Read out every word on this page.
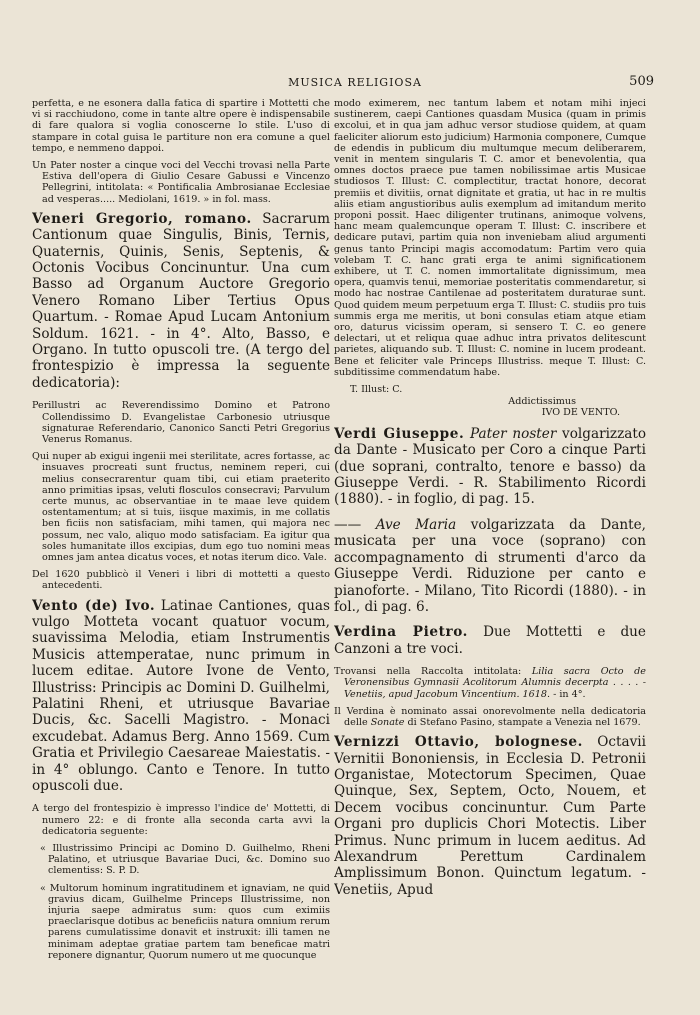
MUSICA RELIGIOSA	509

perfetta, e ne esonera dalla fatica di spartire i Mottetti che vi si racchiudono, come in tante altre opere è indispensabile di fare qualora si voglia conoscerne lo stile. L'uso di stampare in cotal guisa le partiture non era comune a quel tempo, e nemmeno dappoi.

Un Pater noster a cinque voci del Vecchi trovasi nella Parte Estiva dell'opera di Giulio Cesare Gabussi e Vincenzo Pellegrini, intitolata: « Pontificalia Ambrosianae Ecclesiae ad vesperas..... Mediolani, 1619. » in fol. mass.

Veneri Gregorio, romano. Sacrarum Cantionum quae Singulis, Binis, Ternis, Quaternis, Quinis, Senis, Septenis, & Octonis Vocibus Concinuntur. Una cum Basso ad Organum Auctore Gregorio Venero Romano Liber Tertius Opus Quartum. - Romae Apud Lucam Antonium Soldum. 1621. - in 4°. Alto, Basso, e Organo. In tutto opuscoli tre. (A tergo del frontespizio è impressa la seguente dedicatoria):

Perillustri ac Reverendissimo Domino et Patrono Collendissimo D. Evangelistae Carbonesio utriusque signaturae Referendario, Canonico Sancti Petri Gregorius Venerus Romanus.

Qui nuper ab exigui ingenii mei sterilitate, acres fortasse, ac insuaves procreati sunt fructus, neminem reperi, cui melius consecrarentur quam tibi, cui etiam praeterito anno primitias ipsas, veluti flosculos consecravi; Parvulum certe munus, ac observantiae in te maae leve quidem ostentamentum; at si tuis, iisque maximis, in me collatis ben ficiis non satisfaciam, mihi tamen, qui majora nec possum, nec valo, aliquo modo satisfaciam. Ea igitur qua soles humanitate illos excipias, dum ego tuo nomini meas omnes jam antea dicatus voces, et notas iterum dico. Vale.

Del 1620 pubblicò il Veneri i libri di mottetti a questo antecedenti.

Vento (de) Ivo. Latinae Cantiones, quas vulgo Motteta vocant quatuor vocum, suavissima Melodia, etiam Instrumentis Musicis attemperatae, nunc primum in lucem editae. Autore Ivone de Vento, Illustriss: Principis ac Domini D. Guilhelmi, Palatini Rheni, et utriusque Bavariae Ducis, &c. Sacelli Magistro. - Monaci excudebat. Adamus Berg. Anno 1569. Cum Gratia et Privilegio Caesareae Maiestatis. - in 4° oblungo. Canto e Tenore. In tutto opuscoli due.

A tergo del frontespizio è impresso l'indice de' Mottetti, di numero 22: e di fronte alla seconda carta avvi la dedicatoria seguente:

« Illustrissimo Principi ac Domino D. Guilhelmo, Rheni Palatino, et utriusque Bavariae Duci, &c. Domino suo clementiss: S. P. D.

« Multorum hominum ingratitudinem et ignaviam, ne quid gravius dicam, Guilhelme Princeps Illustrissime, non injuria saepe admiratus sum: quos cum eximiis praeclarisque dotibus ac beneficiis natura omnium rerum parens cumulatissime donavit et instruxit: illi tamen ne minimam adeptae gratiae partem tam beneficae matri reponere dignantur, Quorum numero ut me quocunque

modo eximerem, nec tantum labem et notam mihi injeci sustinerem, caepi Cantiones quasdam Musica (quam in primis excolui, et in qua jam adhuc versor studiose quidem, at quam faeliciter aliorum esto judicium) Harmonia componere, Cumque de edendis in publicum diu multumque mecum deliberarem, venit in mentem singularis T. C. amor et benevolentia, qua omnes doctos praece pue tamen nobilissimae artis Musicae studiosos T. Illust: C. complectitur, tractat honore, decorat premiis et divitiis, ornat dignitate et gratia, ut hac in re multis aliis etiam angustioribus aulis exemplum ad imitandum merito proponi possit. Haec diligenter trutinans, animoque volvens, hanc meam qualemcunque operam T. Illust: C. inscribere et dedicare putavi, partim quia non inveniebam aliud argumenti genus tanto Principi magis accomodatum: Partim vero quia volebam T. C. hanc grati erga te animi significationem exhibere, ut T. C. nomen immortalitate dignissimum, mea opera, quamvis tenui, memoriae posteritatis commendaretur, si modo hac nostrae Cantilenae ad posteritatem duraturae sunt. Quod quidem meum perpetuum erga T. Illust: C. studiis pro tuis summis erga me meritis, ut boni consulas etiam atque etiam oro, daturus vicissim operam, si sensero T. C. eo genere delectari, ut et reliqua quae adhuc intra privatos delitescunt parietes, aliquando sub. T. Illust: C. nomine in lucem prodeant. Bene et feliciter vale Princeps Illustriss. meque T. Illust: C. subditissime commendatum habe.

T. Illust: C.
Addictissimus
IVO DE VENTO.

Verdi Giuseppe. Pater noster volgarizzato da Dante - Musicato per Coro a cinque Parti (due soprani, contralto, tenore e basso) da Giuseppe Verdi. - R. Stabilimento Ricordi (1880). - in foglio, di pag. 15.

—— Ave Maria volgarizzata da Dante, musicata per una voce (soprano) con accompagnamento di strumenti d'arco da Giuseppe Verdi. Riduzione per canto e pianoforte. - Milano, Tito Ricordi (1880). - in fol., di pag. 6.

Verdina Pietro. Due Mottetti e due Canzoni a tre voci.

Trovansi nella Raccolta intitolata: Lilia sacra Octo de Veronensibus Gymnasii Acolitorum Alumnis decerpta . . . . - Venetiis, apud Jacobum Vincentium. 1618. - in 4°.

Il Verdina è nominato assai onorevolmente nella dedicatoria delle Sonate di Stefano Pasino, stampate a Venezia nel 1679.

Vernizzi Ottavio, bolognese. Octavii Vernitii Bononiensis, in Ecclesia D. Petronii Organistae, Motectorum Specimen, Quae Quinque, Sex, Septem, Octo, Nouem, et Decem vocibus concinuntur. Cum Parte Organi pro duplicis Chori Motectis. Liber Primus. Nunc primum in lucem aeditus. Ad Alexandrum Perettum Cardinalem Amplissimum Bonon. Quinctum legatum. - Venetiis, Apud
